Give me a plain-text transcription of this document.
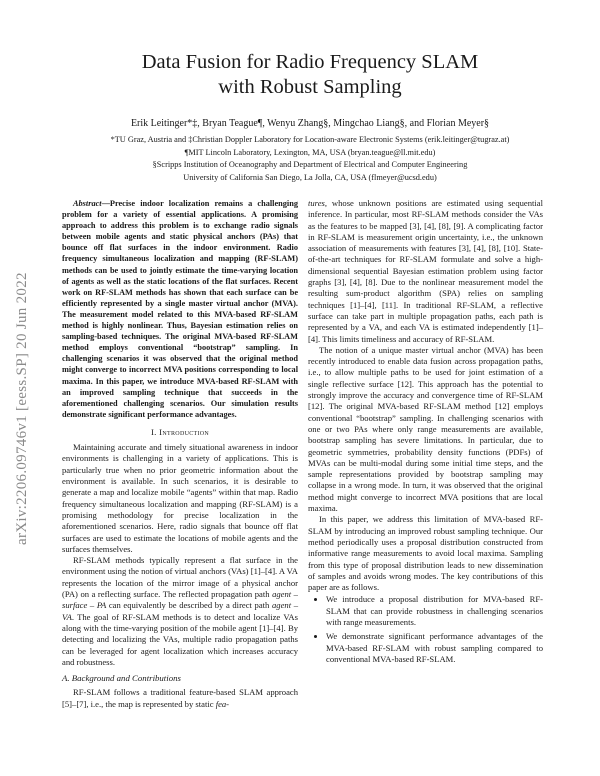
arXiv:2206.09746v1 [eess.SP] 20 Jun 2022
Data Fusion for Radio Frequency SLAM
with Robust Sampling
Erik Leitinger*‡, Bryan Teague¶, Wenyu Zhang§, Mingchao Liang§, and Florian Meyer§
*TU Graz, Austria and ‡Christian Doppler Laboratory for Location-aware Electronic Systems (erik.leitinger@tugraz.at)
¶MIT Lincoln Laboratory, Lexington, MA, USA (bryan.teague@ll.mit.edu)
§Scripps Institution of Oceanography and Department of Electrical and Computer Engineering
University of California San Diego, La Jolla, CA, USA (flmeyer@ucsd.edu)

Abstract—Precise indoor localization remains a challenging problem for a variety of essential applications. A promising approach to address this problem is to exchange radio signals between mobile agents and static physical anchors (PAs) that bounce off flat surfaces in the indoor environment. Radio frequency simultaneous localization and mapping (RF-SLAM) methods can be used to jointly estimate the time-varying location of agents as well as the static locations of the flat surfaces. Recent work on RF-SLAM methods has shown that each surface can be efficiently represented by a single master virtual anchor (MVA). The measurement model related to this MVA-based RF-SLAM method is highly nonlinear. Thus, Bayesian estimation relies on sampling-based techniques. The original MVA-based RF-SLAM method employs conventional “bootstrap” sampling. In challenging scenarios it was observed that the original method might converge to incorrect MVA positions corresponding to local maxima. In this paper, we introduce MVA-based RF-SLAM with an improved sampling technique that succeeds in the aforementioned challenging scenarios. Our simulation results demonstrate significant performance advantages.

I. Introduction

Maintaining accurate and timely situational awareness in indoor environments is challenging in a variety of applications. This is particularly true when no prior geometric information about the environment is available. In such scenarios, it is desirable to generate a map and localize mobile “agents” within that map. Radio frequency simultaneous localization and mapping (RF-SLAM) is a promising methodology for precise localization in the aforementioned scenarios. Here, radio signals that bounce off flat surfaces are used to estimate the locations of mobile agents and the surfaces themselves.

RF-SLAM methods typically represent a flat surface in the environment using the notion of virtual anchors (VAs) [1]–[4]. A VA represents the location of the mirror image of a physical anchor (PA) on a reflecting surface. The reflected propagation path agent – surface – PA can equivalently be described by a direct path agent – VA. The goal of RF-SLAM methods is to detect and localize VAs along with the time-varying position of the mobile agent [1]–[4]. By detecting and localizing the VAs, multiple radio propagation paths can be leveraged for agent localization which increases accuracy and robustness.

A. Background and Contributions

RF-SLAM follows a traditional feature-based SLAM approach [5]–[7], i.e., the map is represented by static fea-

tures, whose unknown positions are estimated using sequential inference. In particular, most RF-SLAM methods consider the VAs as the features to be mapped [3], [4], [8], [9]. A complicating factor in RF-SLAM is measurement origin uncertainty, i.e., the unknown association of measurements with features [3], [4], [8], [10]. State-of-the-art techniques for RF-SLAM formulate and solve a high-dimensional sequential Bayesian estimation problem using factor graphs [3], [4], [8]. Due to the nonlinear measurement model the resulting sum-product algorithm (SPA) relies on sampling techniques [1]–[4], [11]. In traditional RF-SLAM, a reflective surface can take part in multiple propagation paths, each path is represented by a VA, and each VA is estimated independently [1]–[4]. This limits timeliness and accuracy of RF-SLAM.

The notion of a unique master virtual anchor (MVA) has been recently introduced to enable data fusion across propagation paths, i.e., to allow multiple paths to be used for joint estimation of a single reflective surface [12]. This approach has the potential to strongly improve the accuracy and convergence time of RF-SLAM [12]. The original MVA-based RF-SLAM method [12] employs conventional “bootstrap” sampling. In challenging scenarios with one or two PAs where only range measurements are available, bootstrap sampling has severe limitations. In particular, due to geometric symmetries, probability density functions (PDFs) of MVAs can be multi-modal during some initial time steps, and the sample representations provided by bootstrap sampling may collapse in a wrong mode. In turn, it was observed that the original method might converge to incorrect MVA positions that are local maxima.

In this paper, we address this limitation of MVA-based RF-SLAM by introducing an improved robust sampling technique. Our method periodically uses a proposal distribution constructed from informative range measurements to avoid local maxima. Sampling from this type of proposal distribution leads to new dissemination of samples and avoids wrong modes. The key contributions of this paper are as follows.

• We introduce a proposal distribution for MVA-based RF-SLAM that can provide robustness in challenging scenarios with range measurements.
• We demonstrate significant performance advantages of the MVA-based RF-SLAM with robust sampling compared to conventional MVA-based RF-SLAM.
